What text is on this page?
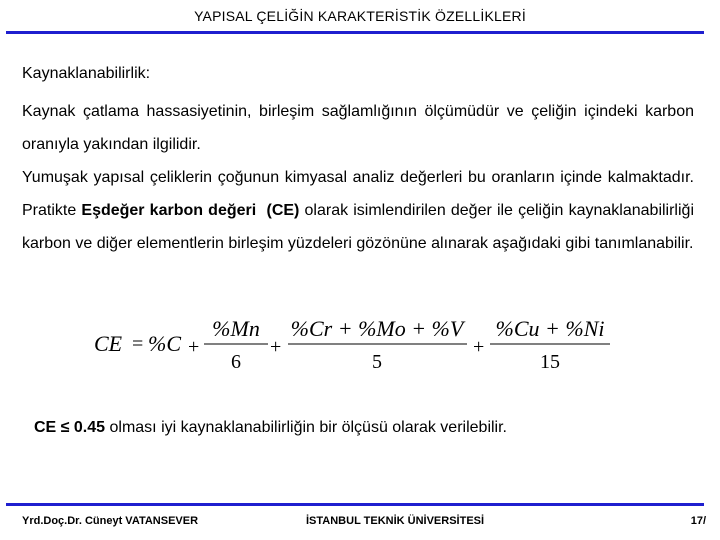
YAPISAL ÇELİĞİN KARAKTERİSTİK ÖZELLİKLERİ

Kaynaklanabilirlik:

Kaynak çatlama hassasiyetinin, birleşim sağlamlığının ölçümüdür ve çeliğin içindeki karbon oranıyla yakından ilgilidir.

Yumuşak yapısal çeliklerin çoğunun kimyasal analiz değerleri bu oranların içinde kalmaktadır. Pratikte Eşdeğer karbon değeri (CE) olarak isimlendirilen değer ile çeliğin kaynaklanabilirliği karbon ve diğer elementlerin birleşim yüzdeleri gözönüne alınarak aşağıdaki gibi tanımlanabilir.

CE = %C +
%Mn
6
+
%Cr + %Mo + %V
5
+
%Cu + %Ni
15
CE ≤ 0.45 olması iyi kaynaklanabilirliğin bir ölçüsü olarak verilebilir.
Yrd.Doç.Dr. Cüneyt VATANSEVER	İSTANBUL TEKNİK ÜNİVERSİTESİ	17/
